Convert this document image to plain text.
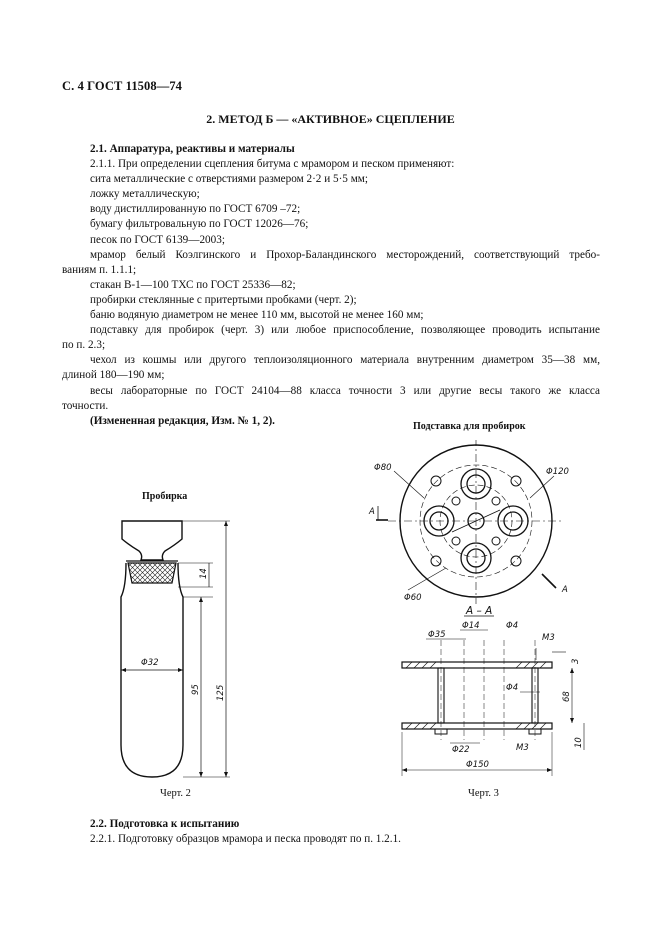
С. 4 ГОСТ 11508—74
2. МЕТОД Б — «АКТИВНОЕ» СЦЕПЛЕНИЕ

2.1. Аппаратура, реактивы и материалы

2.1.1. При определении сцепления битума с мрамором и песком применяют:

сита металлические с отверстиями размером 2·2 и 5·5 мм;

ложку металлическую;

воду дистиллированную по ГОСТ 6709 –72;

бумагу фильтровальную по ГОСТ 12026—76;

песок по ГОСТ 6139—2003;

мрамор белый Коэлгинского и Прохор-Баландинского месторождений, соответствующий требо-

ваниям п. 1.1.1;

стакан В-1—100 ТХС по ГОСТ 25336—82;

пробирки стеклянные с притертыми пробками (черт. 2);

баню водяную диаметром не менее 110 мм, высотой не менее 160 мм;

подставку для пробирок (черт. 3) или любое приспособление, позволяющее проводить испытание

по п. 2.3;

чехол из кошмы или другого теплоизоляционного материала внутренним диаметром 35—38 мм,

длиной 180—190 мм;

весы лабораторные по ГОСТ 24104—88 класса точности 3 или другие весы такого же класса

точности.

(Измененная редакция, Изм. № 1, 2).

Пробирка
Φ32
14
95 125
Черт. 2
Подставка для пробирок
Φ80	Φ120
Φ60
A
A
A – A
Φ35
Φ14	Φ4
M3
3
Φ4
68
10
Φ22	M3
Φ150
Черт. 3

2.2. Подготовка к испытанию

2.2.1. Подготовку образцов мрамора и песка проводят по п. 1.2.1.
